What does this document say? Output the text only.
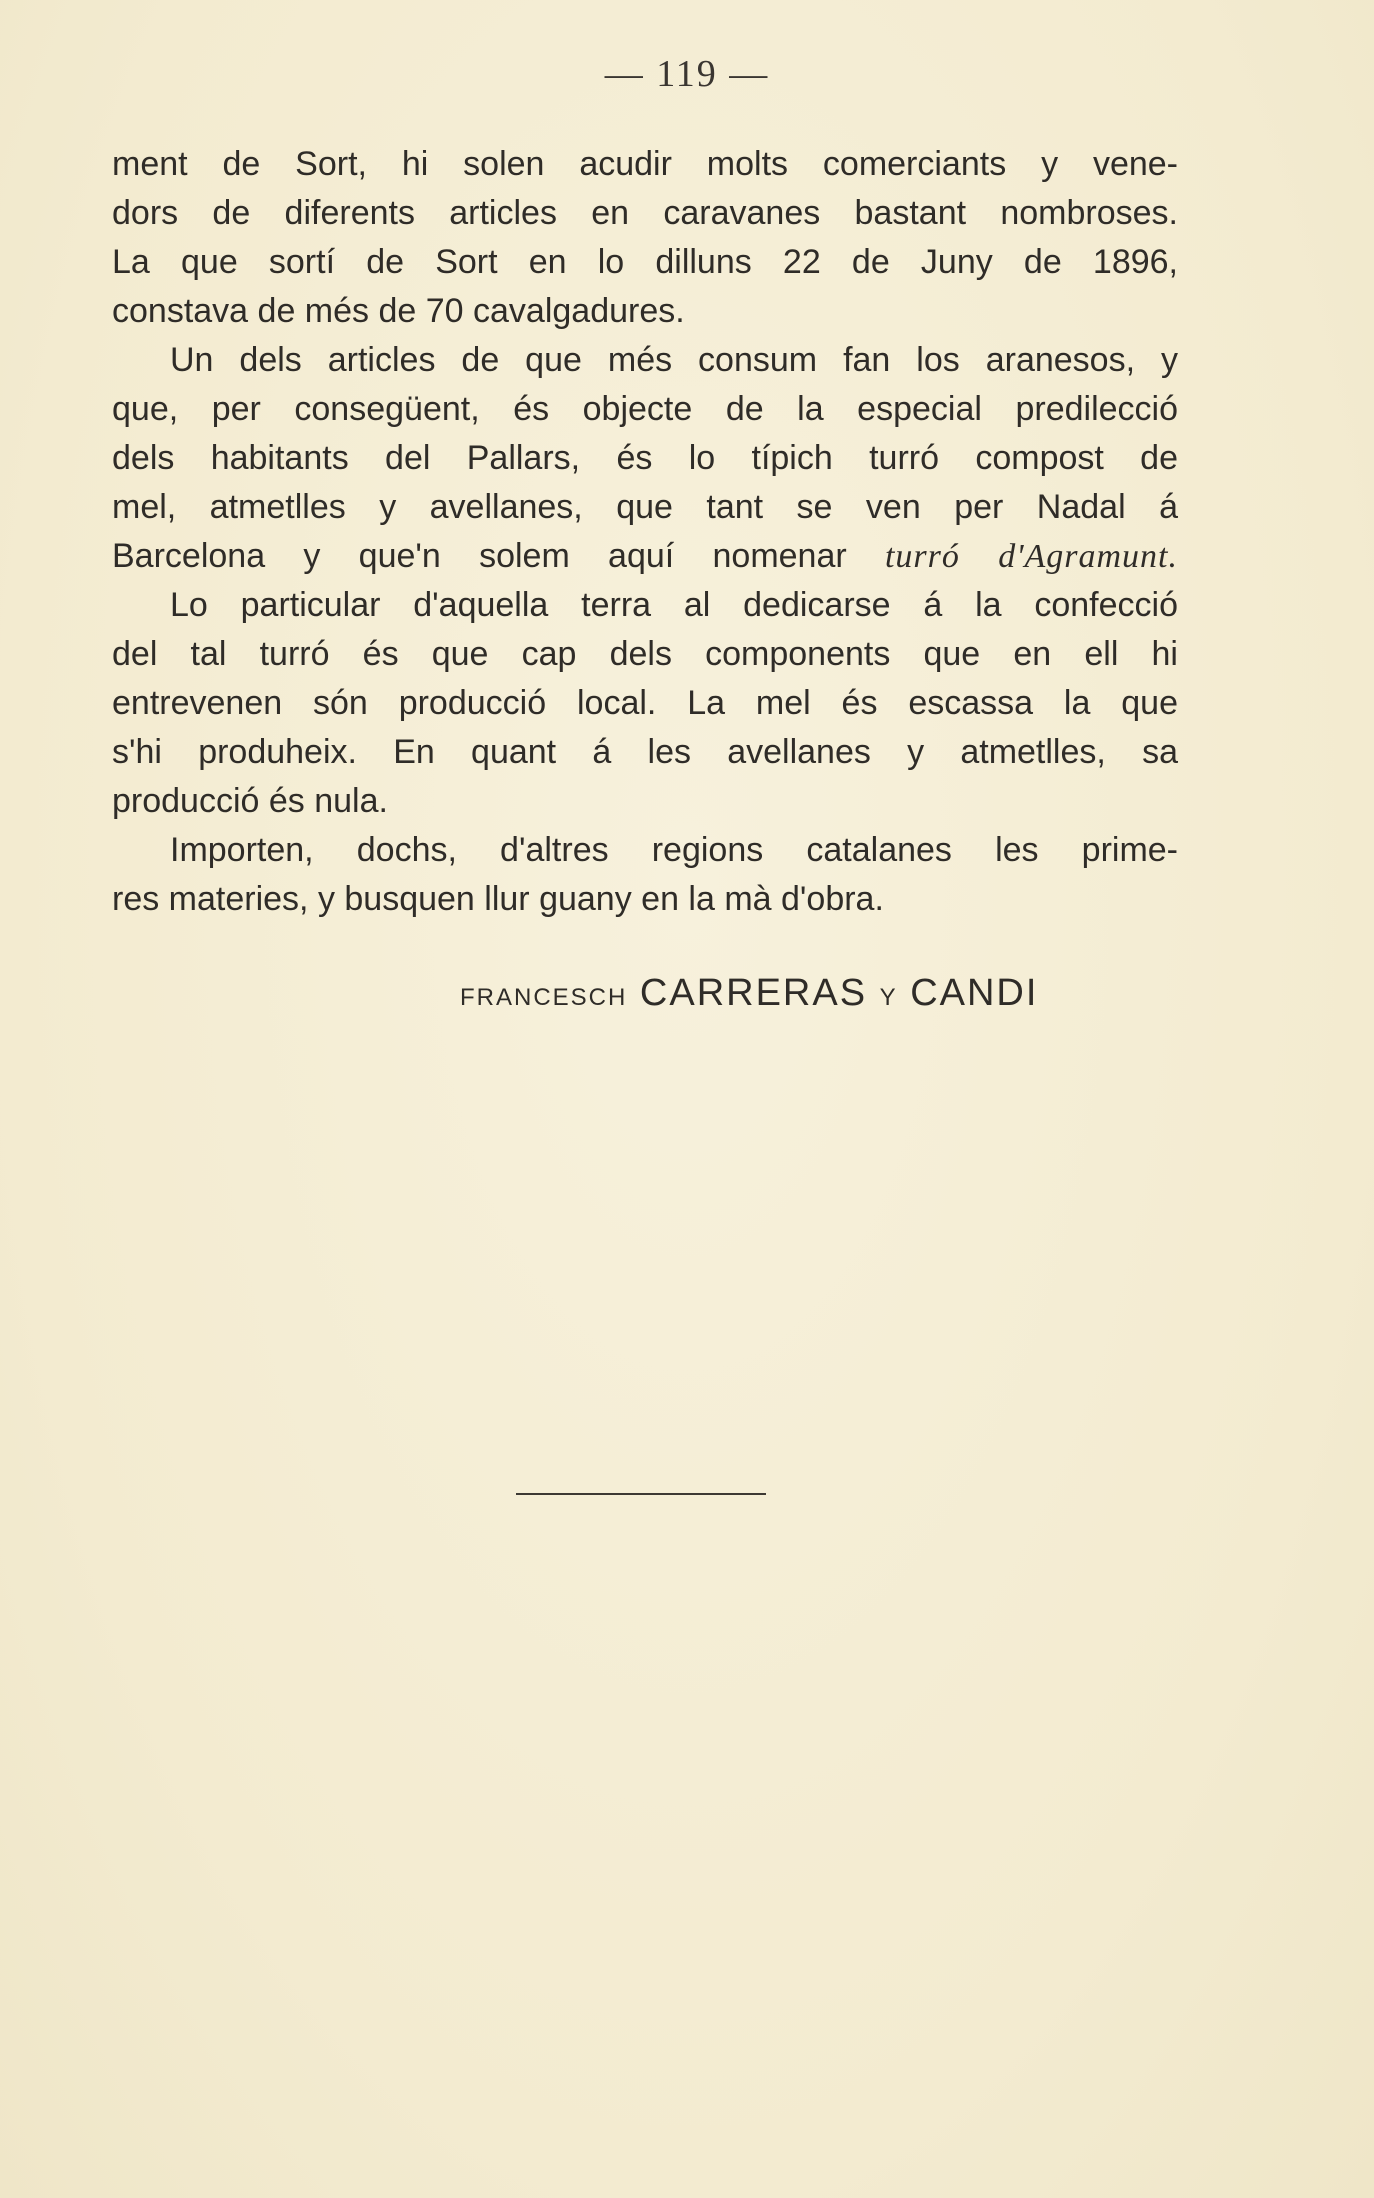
— 119 —

ment de Sort, hi solen acudir molts comerciants y vene-

dors de diferents articles en caravanes bastant nombroses.

La que sortí de Sort en lo dilluns 22 de Juny de 1896,

constava de més de 70 cavalgadures.

Un dels articles de que més consum fan los aranesos, y

que, per consegüent, és objecte de la especial predilecció

dels habitants del Pallars, és lo típich turró compost de

mel, atmetlles y avellanes, que tant se ven per Nadal á

Barcelona y que'n solem aquí nomenar turró d'Agramunt.

Lo particular d'aquella terra al dedicarse á la confecció

del tal turró és que cap dels components que en ell hi

entrevenen són producció local. La mel és escassa la que

s'hi produheix. En quant á les avellanes y atmetlles, sa

producció és nula.

Importen, dochs, d'altres regions catalanes les prime-

res materies, y busquen llur guany en la mà d'obra.

FRANCESCH CARRERAS Y CANDI
